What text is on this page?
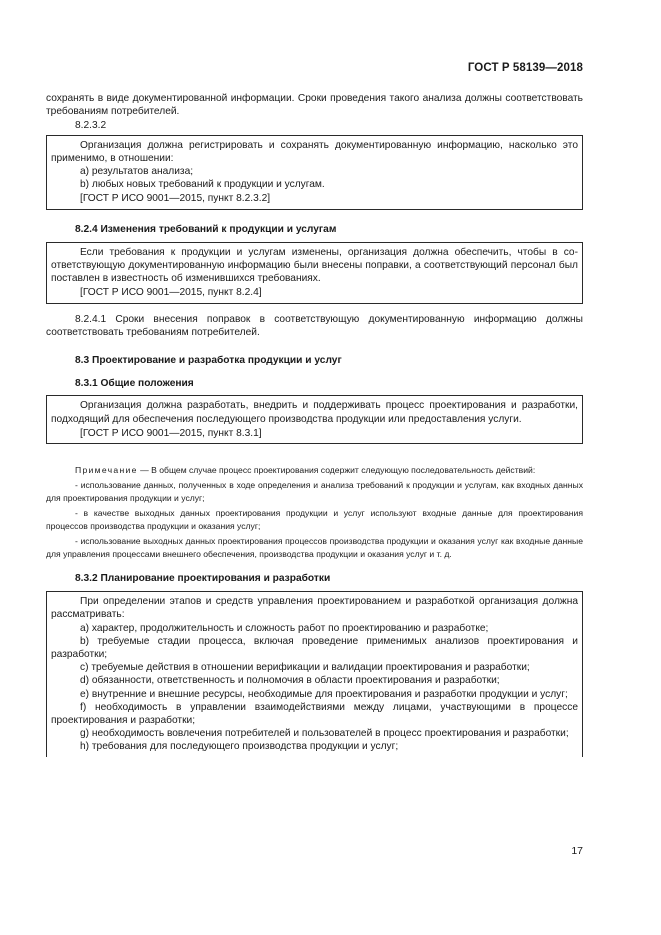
ГОСТ Р 58139—2018

сохранять в виде документированной информации. Сроки проведения такого анализа должны соответствовать требованиям потребителей.

8.2.3.2

Организация должна регистрировать и сохранять документированную информацию, насколько это применимо, в отношении:

a) результатов анализа;

b) любых новых требований к продукции и услугам.

[ГОСТ Р ИСО 9001—2015, пункт 8.2.3.2]

8.2.4 Изменения требований к продукции и услугам

Если требования к продукции и услугам изменены, организация должна обеспечить, чтобы в соответствующую документированную информацию были внесены поправки, а соответствующий персонал был поставлен в известность об изменившихся требованиях.

[ГОСТ Р ИСО 9001—2015, пункт 8.2.4]

8.2.4.1 Сроки внесения поправок в соответствующую документированную информацию должны соответствовать требованиям потребителей.

8.3 Проектирование и разработка продукции и услуг

8.3.1 Общие положения

Организация должна разработать, внедрить и поддерживать процесс проектирования и разработки, подходящий для обеспечения последующего производства продукции или предоставления услуги.

[ГОСТ Р ИСО 9001—2015, пункт 8.3.1]

Примечание — В общем случае процесс проектирования содержит следующую последовательность действий:

- использование данных, полученных в ходе определения и анализа требований к продукции и услугам, как входных данных для проектирования продукции и услуг;

- в качестве выходных данных проектирования продукции и услуг используют входные данные для проектирования процессов производства продукции и оказания услуг;

- использование выходных данных проектирования процессов производства продукции и оказания услуг как входные данные для управления процессами внешнего обеспечения, производства продукции и оказания услуг и т. д.

8.3.2 Планирование проектирования и разработки

При определении этапов и средств управления проектированием и разработкой организация должна рассматривать:

a) характер, продолжительность и сложность работ по проектированию и разработке;

b) требуемые стадии процесса, включая проведение применимых анализов проектирования и разработки;

c) требуемые действия в отношении верификации и валидации проектирования и разработки;

d) обязанности, ответственность и полномочия в области проектирования и разработки;

e) внутренние и внешние ресурсы, необходимые для проектирования и разработки продукции и услуг;

f) необходимость в управлении взаимодействиями между лицами, участвующими в процессе проектирования и разработки;

g) необходимость вовлечения потребителей и пользователей в процесс проектирования и разработки;

h) требования для последующего производства продукции и услуг;

17
